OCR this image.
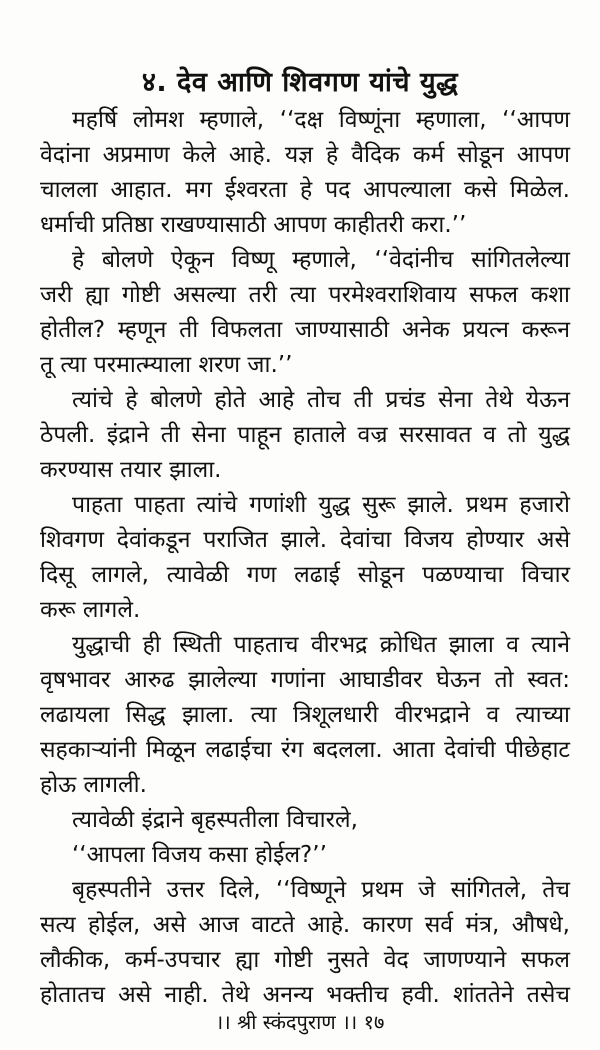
४. देव आणि शिवगण यांचे युद्ध
महर्षि लोमश म्हणाले, ‘‘दक्ष विष्णूंना म्हणाला, ‘‘आपण
वेदांना अप्रमाण केले आहे. यज्ञ हे वैदिक कर्म सोडून आपण
चालला आहात. मग ईश्वरता हे पद आपल्याला कसे मिळेल.
धर्माची प्रतिष्ठा राखण्यासाठी आपण काहीतरी करा.’’
हे बोलणे ऐकून विष्णू म्हणाले, ‘‘वेदांनीच सांगितलेल्या
जरी ह्या गोष्टी असल्या तरी त्या परमेश्वराशिवाय सफल कशा
होतील? म्हणून ती विफलता जाण्यासाठी अनेक प्रयत्न करून
तू त्या परमात्म्याला शरण जा.’’
त्यांचे हे बोलणे होते आहे तोच ती प्रचंड सेना तेथे येऊन
ठेपली. इंद्राने ती सेना पाहून हाताले वज्र सरसावत व तो युद्ध
करण्यास तयार झाला.
पाहता पाहता त्यांचे गणांशी युद्ध सुरू झाले. प्रथम हजारो
शिवगण देवांकडून पराजित झाले. देवांचा विजय होण्यार असे
दिसू लागले, त्यावेळी गण लढाई सोडून पळण्याचा विचार
करू लागले.
युद्धाची ही स्थिती पाहताच वीरभद्र क्रोधित झाला व त्याने
वृषभावर आरुढ झालेल्या गणांना आघाडीवर घेऊन तो स्वत:
लढायला सिद्ध झाला. त्या त्रिशूलधारी वीरभद्राने व त्याच्या
सहकाऱ्यांनी मिळून लढाईचा रंग बदलला. आता देवांची पीछेहाट
होऊ लागली.
त्यावेळी इंद्राने बृहस्पतीला विचारले,
‘‘आपला विजय कसा होईल?’’
बृहस्पतीने उत्तर दिले, ‘‘विष्णूने प्रथम जे सांगितले, तेच
सत्य होईल, असे आज वाटते आहे. कारण सर्व मंत्र, औषधे,
लौकीक, कर्म-उपचार ह्या गोष्टी नुसते वेद जाणण्याने सफल
होतातच असे नाही. तेथे अनन्य भक्तीच हवी. शांततेने तसेच
।। श्री स्कंदपुराण ।। १७
